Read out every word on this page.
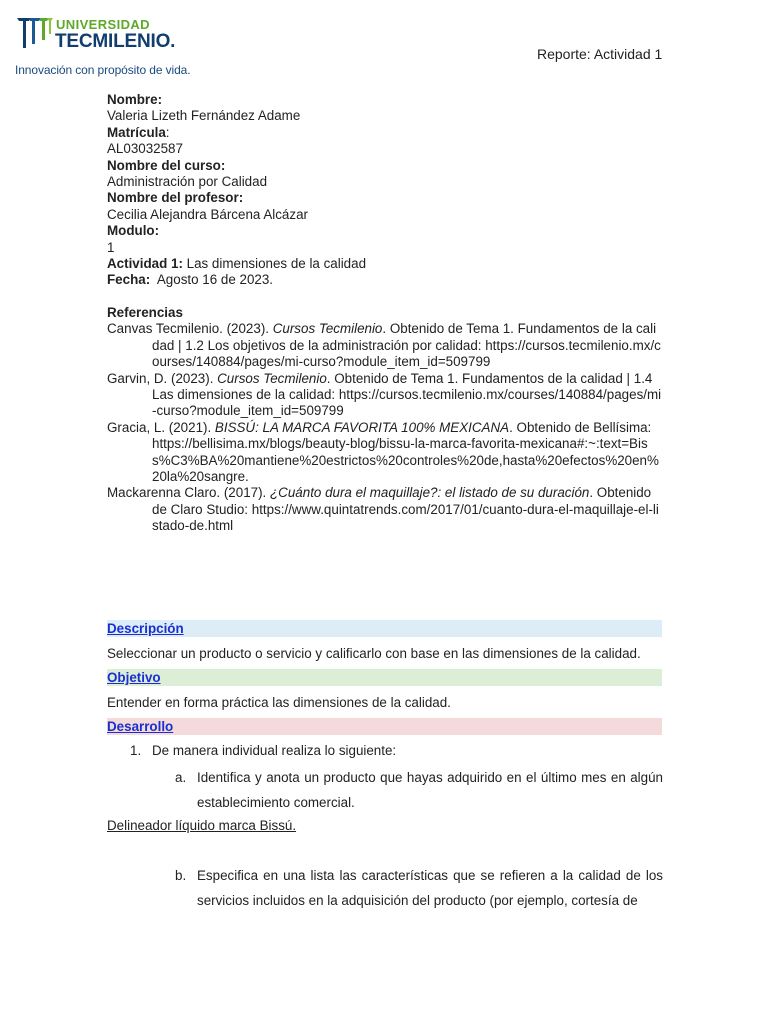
UNIVERSIDAD
TECMILENIO.
Innovación con propósito de vida.
Reporte: Actividad 1
Nombre:
Valeria Lizeth Fernández Adame
Matrícula:
AL03032587
Nombre del curso:
Administración por Calidad
Nombre del profesor:
Cecilia Alejandra Bárcena Alcázar
Modulo:
1
Actividad 1: Las dimensiones de la calidad
Fecha:  Agosto 16 de 2023.
Referencias
Canvas Tecmilenio. (2023). Cursos Tecmilenio. Obtenido de Tema 1. Fundamentos de la calidad | 1.2 Los objetivos de la administración por calidad: https://cursos.tecmilenio.mx/courses/140884/pages/mi-curso?module_item_id=509799
Garvin, D. (2023). Cursos Tecmilenio. Obtenido de Tema 1. Fundamentos de la calidad | 1.4 Las dimensiones de la calidad: https://cursos.tecmilenio.mx/courses/140884/pages/mi-curso?module_item_id=509799
Gracia, L. (2021). BISSÚ: LA MARCA FAVORITA 100% MEXICANA. Obtenido de Bellísima: https://bellisima.mx/blogs/beauty-blog/bissu-la-marca-favorita-mexicana#:~:text=Biss%C3%BA%20mantiene%20estrictos%20controles%20de,hasta%20efectos%20en%20la%20sangre.
Mackarenna Claro. (2017). ¿Cuánto dura el maquillaje?: el listado de su duración. Obtenido de Claro Studio: https://www.quintatrends.com/2017/01/cuanto-dura-el-maquillaje-el-listado-de.html
Descripción
Seleccionar un producto o servicio y calificarlo con base en las dimensiones de la calidad.
Objetivo
Entender en forma práctica las dimensiones de la calidad.
Desarrollo
1. De manera individual realiza lo siguiente:
a. Identifica y anota un producto que hayas adquirido en el último mes en algún establecimiento comercial.
Delineador líquido marca Bissú.
b. Especifica en una lista las características que se refieren a la calidad de los servicios incluidos en la adquisición del producto (por ejemplo, cortesía de
